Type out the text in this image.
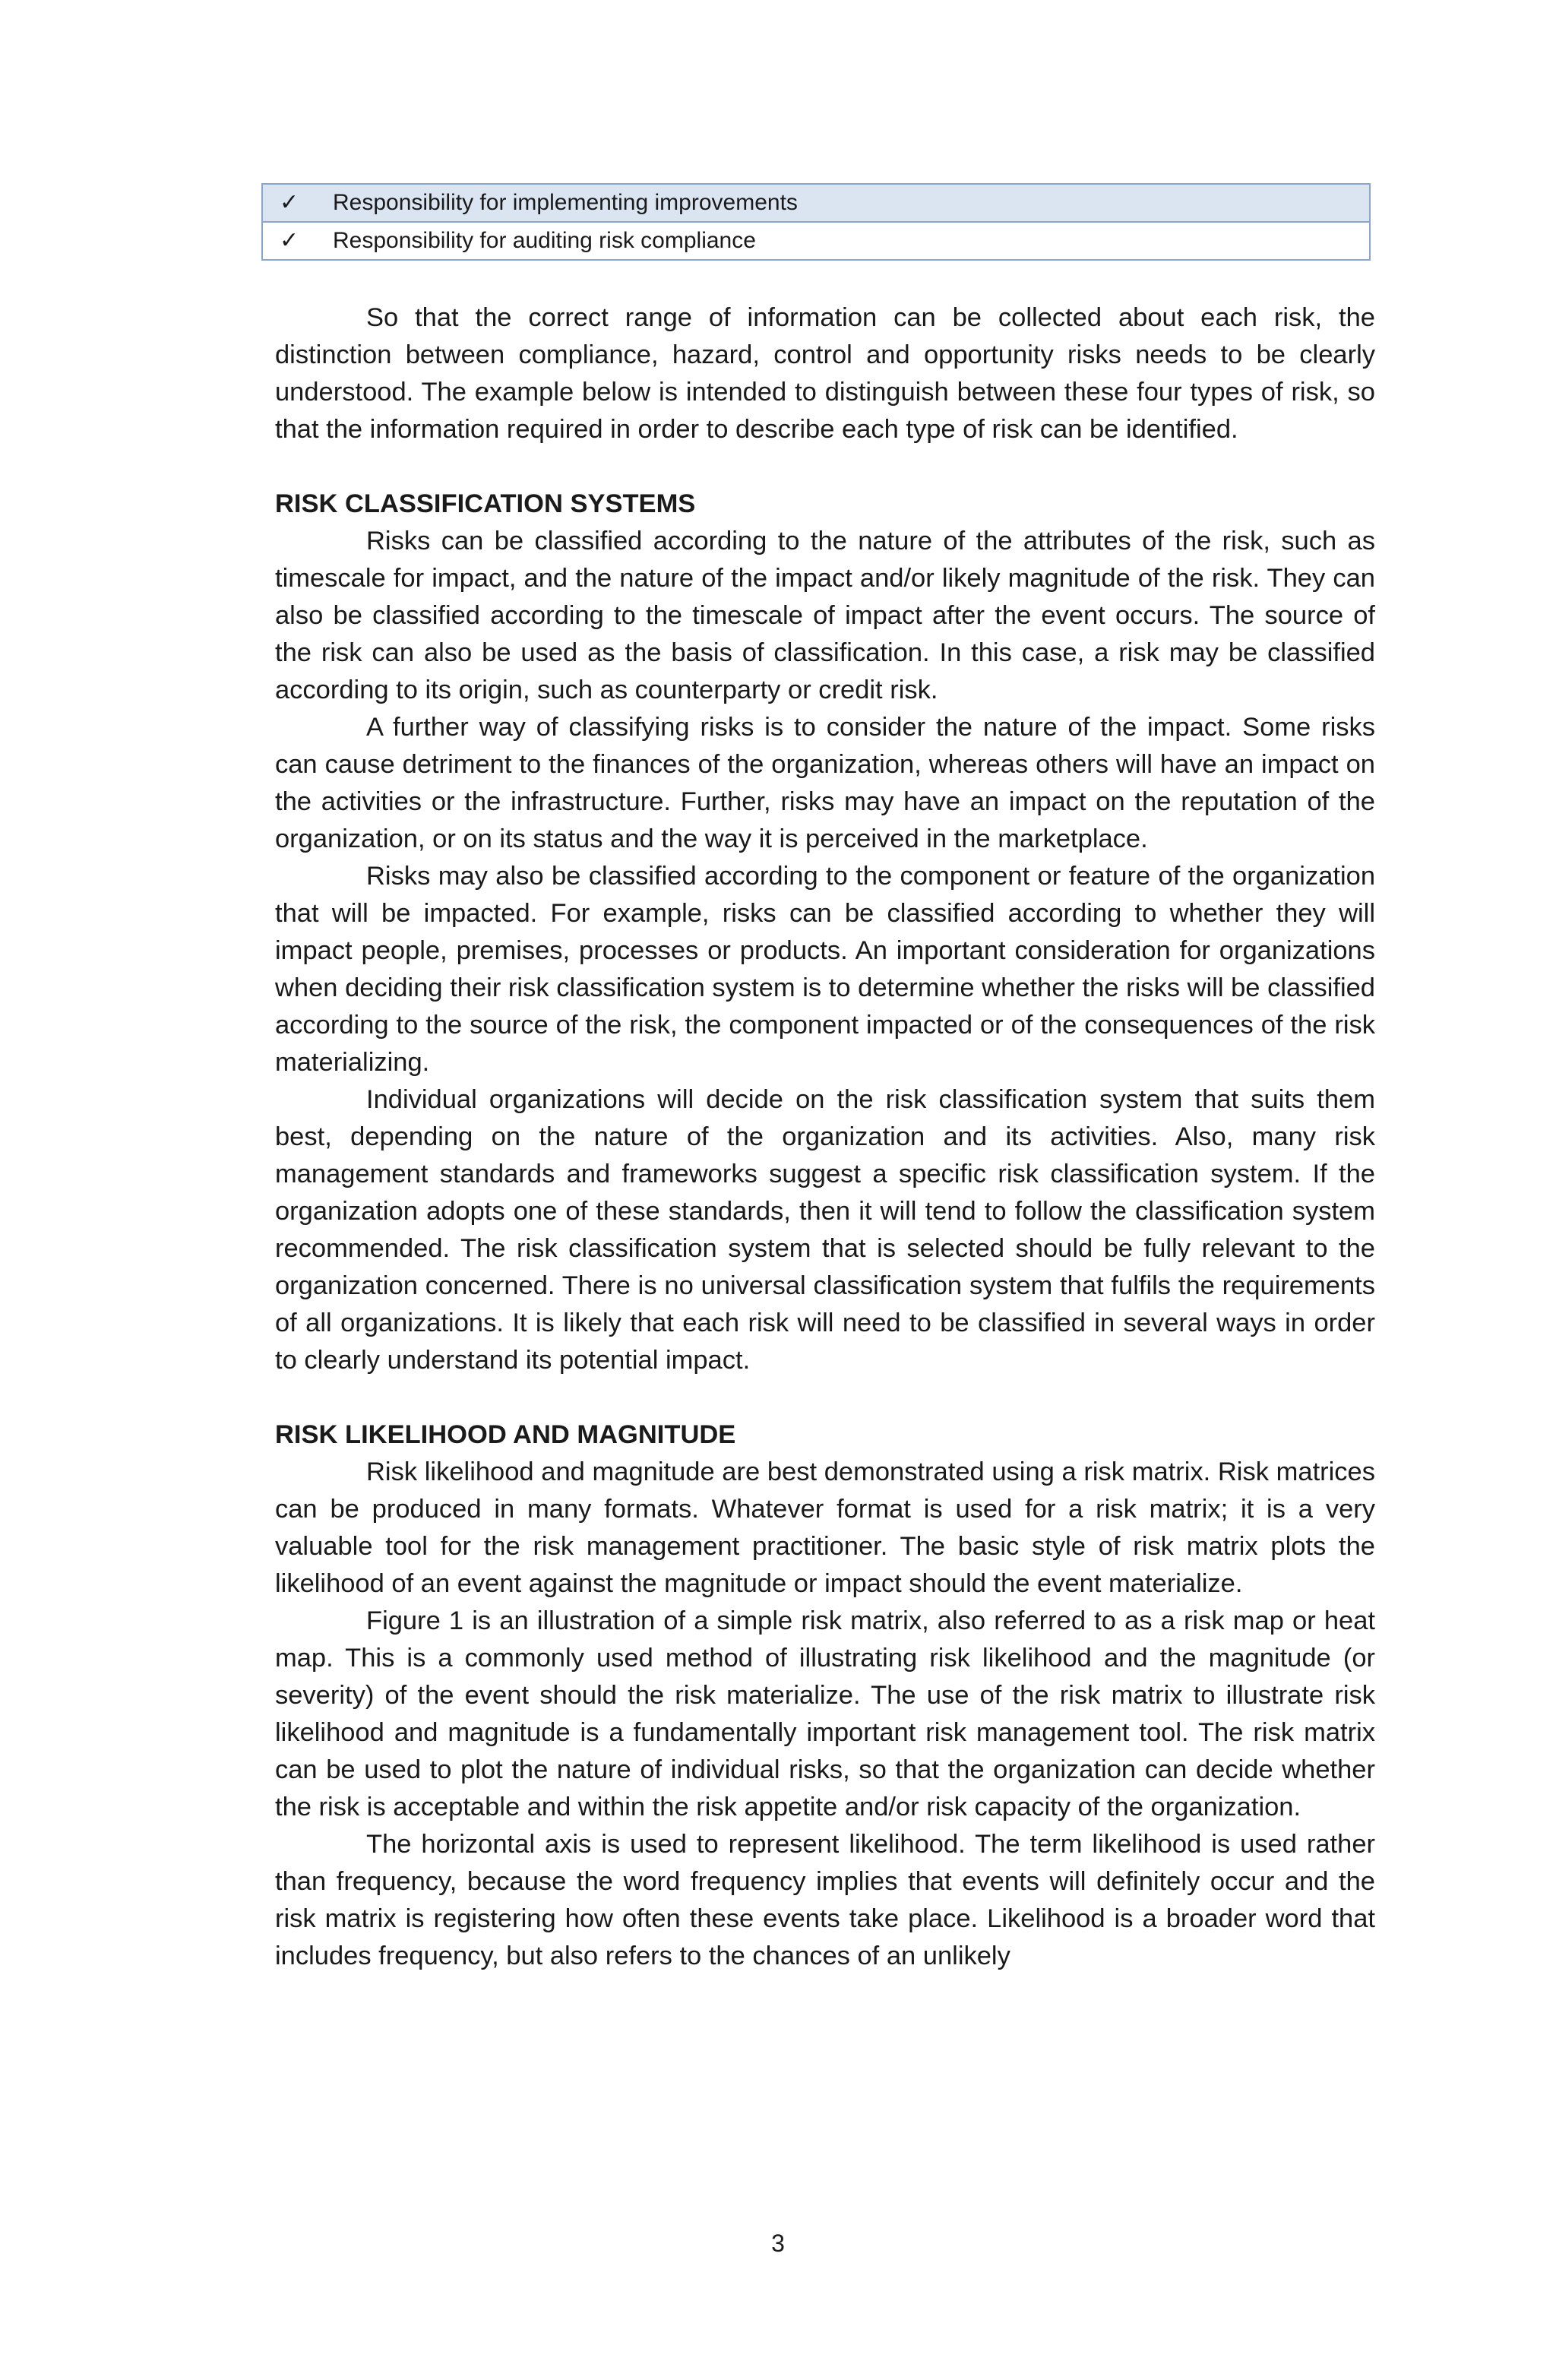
✓	Responsibility for implementing improvements
✓	Responsibility for auditing risk compliance

So that the correct range of information can be collected about each risk, the distinction between compliance, hazard, control and opportunity risks needs to be clearly understood. The example below is intended to distinguish between these four types of risk, so that the information required in order to describe each type of risk can be identified.

RISK CLASSIFICATION SYSTEMS

Risks can be classified according to the nature of the attributes of the risk, such as timescale for impact, and the nature of the impact and/or likely magnitude of the risk. They can also be classified according to the timescale of impact after the event occurs. The source of the risk can also be used as the basis of classification. In this case, a risk may be classified according to its origin, such as counterparty or credit risk.

A further way of classifying risks is to consider the nature of the impact. Some risks can cause detriment to the finances of the organization, whereas others will have an impact on the activities or the infrastructure. Further, risks may have an impact on the reputation of the organization, or on its status and the way it is perceived in the marketplace.

Risks may also be classified according to the component or feature of the organization that will be impacted. For example, risks can be classified according to whether they will impact people, premises, processes or products. An important consideration for organizations when deciding their risk classification system is to determine whether the risks will be classified according to the source of the risk, the component impacted or of the consequences of the risk materializing.

Individual organizations will decide on the risk classification system that suits them best, depending on the nature of the organization and its activities. Also, many risk management standards and frameworks suggest a specific risk classification system. If the organization adopts one of these standards, then it will tend to follow the classification system recommended. The risk classification system that is selected should be fully relevant to the organization concerned. There is no universal classification system that fulfils the requirements of all organizations. It is likely that each risk will need to be classified in several ways in order to clearly understand its potential impact.

RISK LIKELIHOOD AND MAGNITUDE

Risk likelihood and magnitude are best demonstrated using a risk matrix. Risk matrices can be produced in many formats. Whatever format is used for a risk matrix; it is a very valuable tool for the risk management practitioner. The basic style of risk matrix plots the likelihood of an event against the magnitude or impact should the event materialize.

Figure 1 is an illustration of a simple risk matrix, also referred to as a risk map or heat map. This is a commonly used method of illustrating risk likelihood and the magnitude (or severity) of the event should the risk materialize. The use of the risk matrix to illustrate risk likelihood and magnitude is a fundamentally important risk management tool. The risk matrix can be used to plot the nature of individual risks, so that the organization can decide whether the risk is acceptable and within the risk appetite and/or risk capacity of the organization.

The horizontal axis is used to represent likelihood. The term likelihood is used rather than frequency, because the word frequency implies that events will definitely occur and the risk matrix is registering how often these events take place. Likelihood is a broader word that includes frequency, but also refers to the chances of an unlikely

3
